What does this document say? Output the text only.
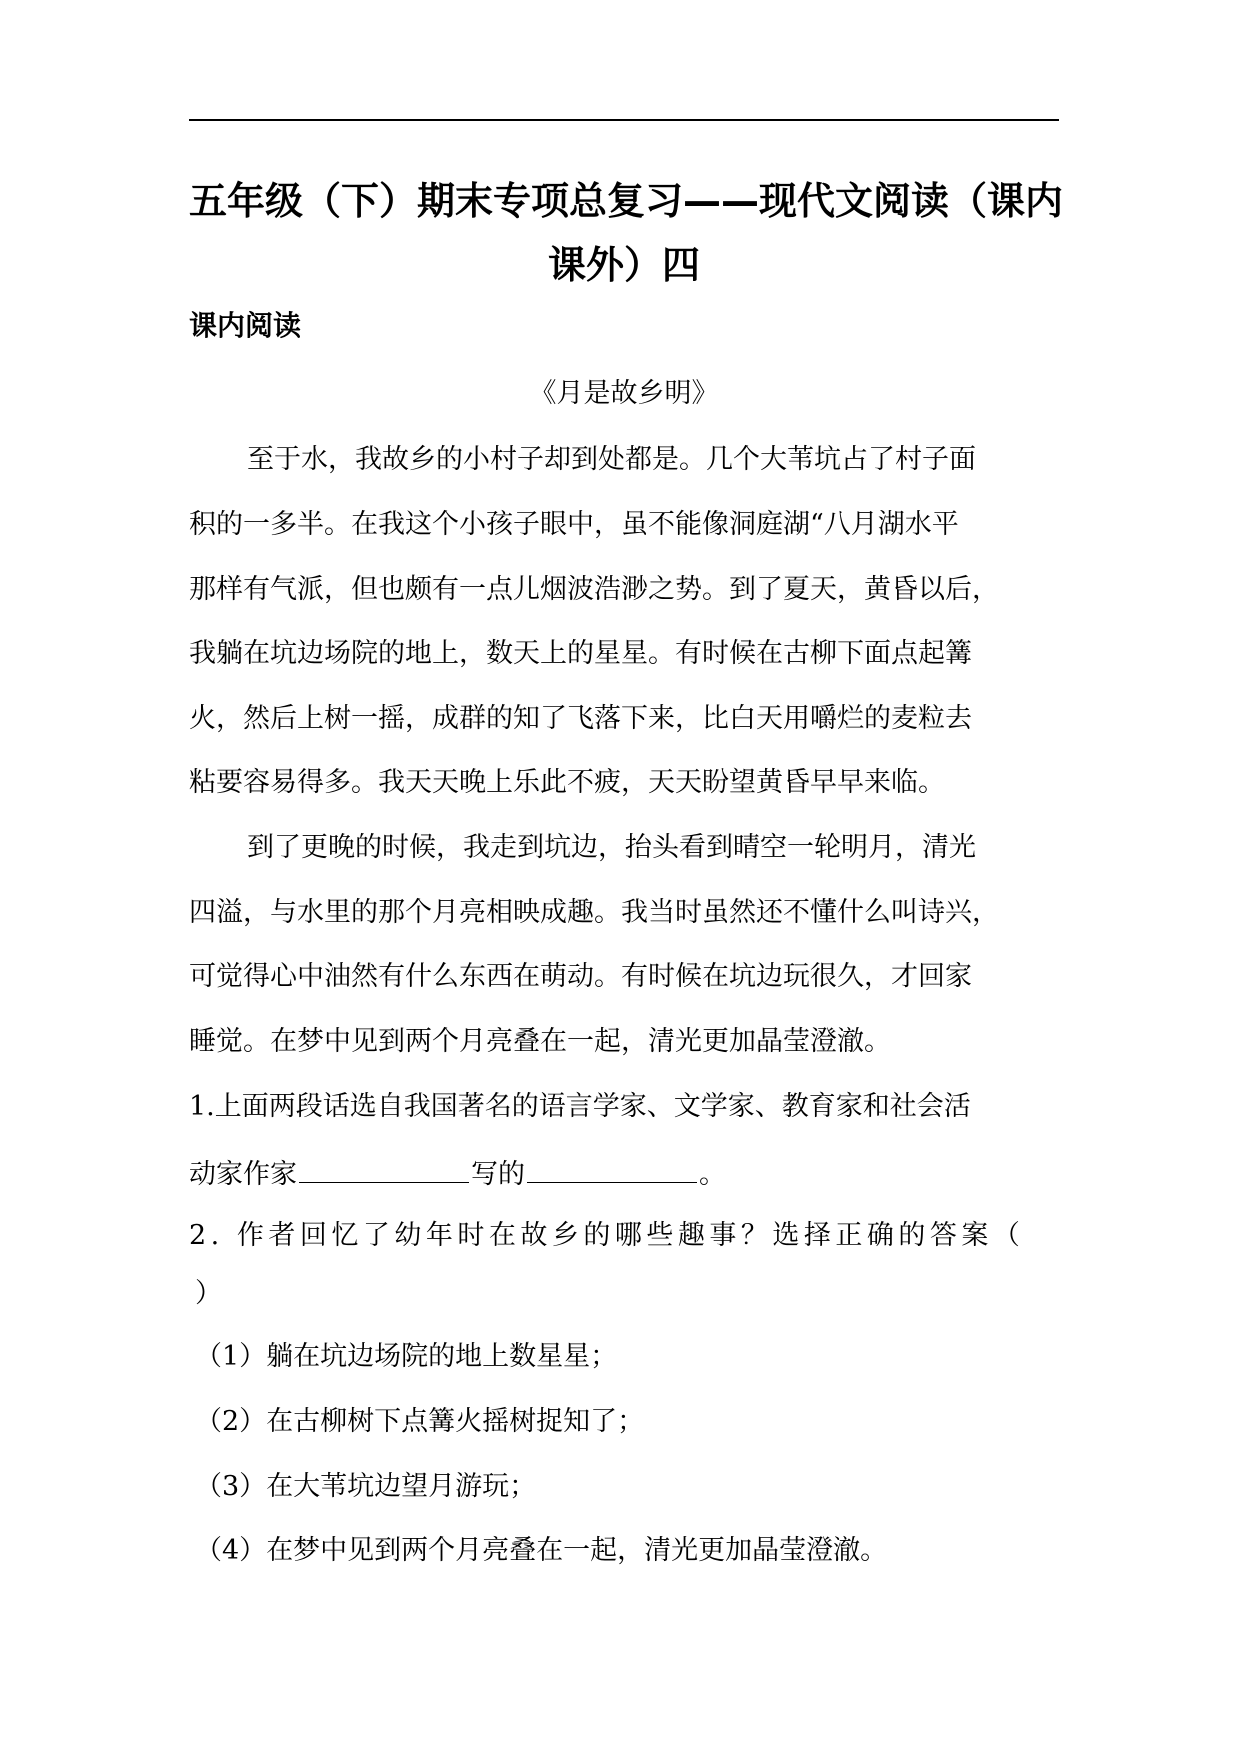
五年级（下）期末专项总复习——现代文阅读（课内
课外）四
课内阅读
《月是故乡明》
至于水，我故乡的小村子却到处都是。几个大苇坑占了村子面
积的一多半。在我这个小孩子眼中，虽不能像洞庭湖“八月湖水平
那样有气派，但也颇有一点儿烟波浩渺之势。到了夏天，黄昏以后，
我躺在坑边场院的地上，数天上的星星。有时候在古柳下面点起篝
火，然后上树一摇，成群的知了飞落下来，比白天用嚼烂的麦粒去
粘要容易得多。我天天晚上乐此不疲，天天盼望黄昏早早来临。
到了更晚的时候，我走到坑边，抬头看到晴空一轮明月，清光
四溢，与水里的那个月亮相映成趣。我当时虽然还不懂什么叫诗兴，
可觉得心中油然有什么东西在萌动。有时候在坑边玩很久，才回家
睡觉。在梦中见到两个月亮叠在一起，清光更加晶莹澄澈。
1.上面两段话选自我国著名的语言学家、文学家、教育家和社会活
动家作家	写的	。
2. 作者回忆了幼年时在故乡的哪些趣事？选择正确的答案（
）
（1）躺在坑边场院的地上数星星；
（2）在古柳树下点篝火摇树捉知了；
（3）在大苇坑边望月游玩；
（4）在梦中见到两个月亮叠在一起，清光更加晶莹澄澈。
